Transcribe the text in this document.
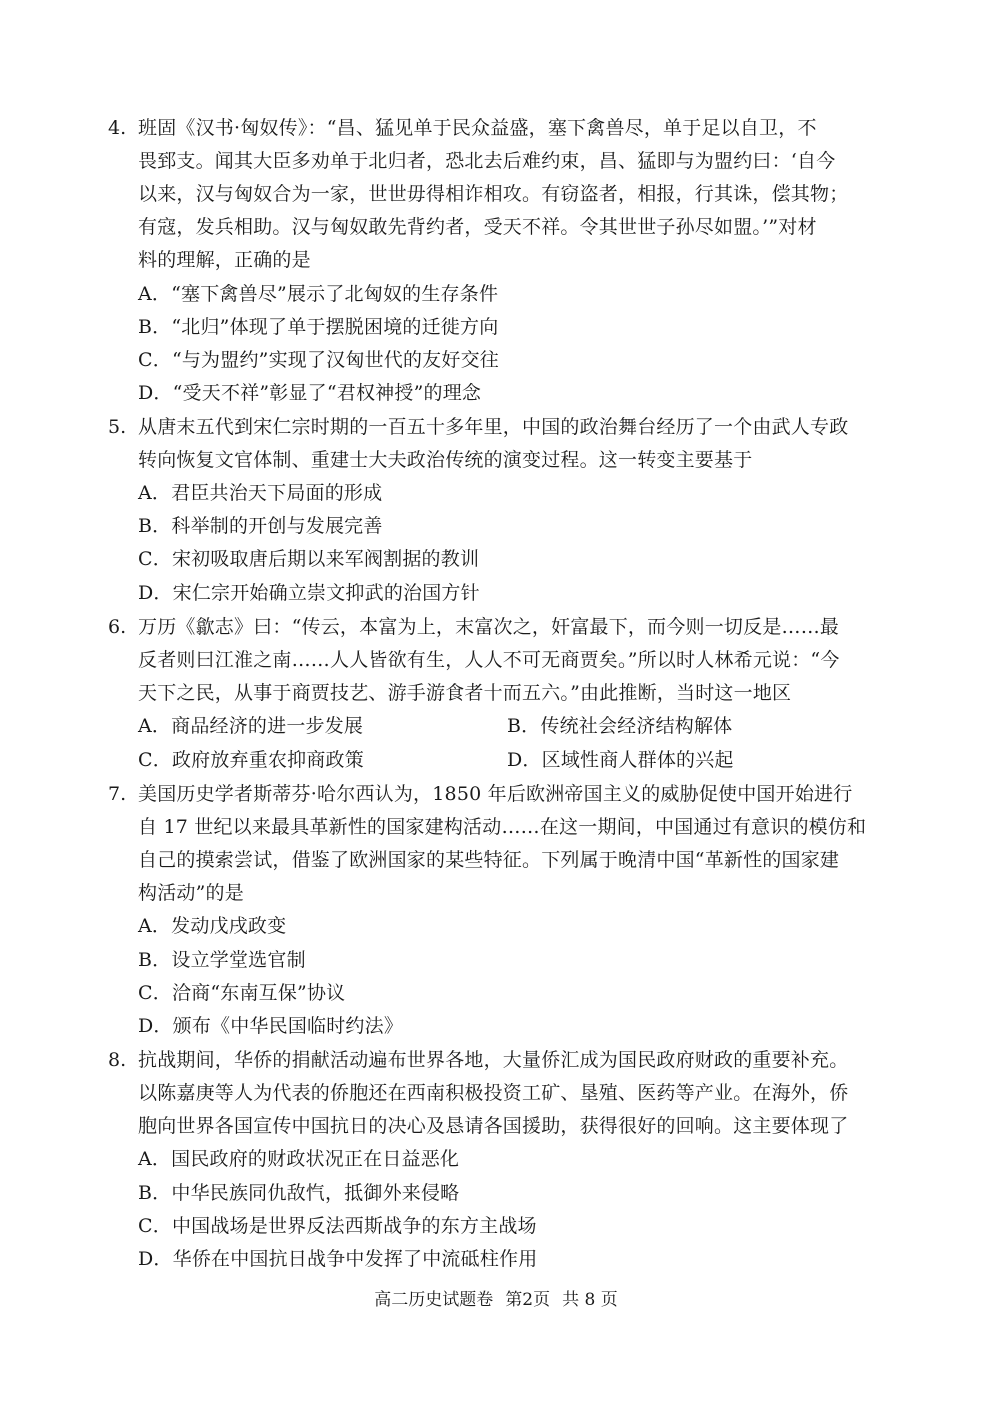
4. 班固《汉书·匈奴传》：“昌、猛见单于民众益盛，塞下禽兽尽，单于足以自卫，不
畏郅支。闻其大臣多劝单于北归者，恐北去后难约束，昌、猛即与为盟约曰：‘自今
以来，汉与匈奴合为一家，世世毋得相诈相攻。有窃盗者，相报，行其诛，偿其物；
有寇，发兵相助。汉与匈奴敢先背约者，受天不祥。令其世世子孙尽如盟。’”对材
料的理解，正确的是
A．“塞下禽兽尽”展示了北匈奴的生存条件
B．“北归”体现了单于摆脱困境的迁徙方向
C．“与为盟约”实现了汉匈世代的友好交往
D．“受天不祥”彰显了“君权神授”的理念
5. 从唐末五代到宋仁宗时期的一百五十多年里，中国的政治舞台经历了一个由武人专政
转向恢复文官体制、重建士大夫政治传统的演变过程。这一转变主要基于
A．君臣共治天下局面的形成
B．科举制的开创与发展完善
C．宋初吸取唐后期以来军阀割据的教训
D．宋仁宗开始确立崇文抑武的治国方针
6. 万历《歙志》曰：“传云，本富为上，末富次之，奸富最下，而今则一切反是……最
反者则曰江淮之南……人人皆欲有生，人人不可无商贾矣。”所以时人林希元说：“今
天下之民，从事于商贾技艺、游手游食者十而五六。”由此推断，当时这一地区
A．商品经济的进一步发展	B．传统社会经济结构解体
C．政府放弃重农抑商政策	D．区域性商人群体的兴起
7. 美国历史学者斯蒂芬·哈尔西认为，1850 年后欧洲帝国主义的威胁促使中国开始进行
自 17 世纪以来最具革新性的国家建构活动……在这一期间，中国通过有意识的模仿和
自己的摸索尝试，借鉴了欧洲国家的某些特征。下列属于晚清中国“革新性的国家建
构活动”的是
A．发动戊戌政变
B．设立学堂选官制
C．洽商“东南互保”协议
D．颁布《中华民国临时约法》
8. 抗战期间，华侨的捐献活动遍布世界各地，大量侨汇成为国民政府财政的重要补充。
以陈嘉庚等人为代表的侨胞还在西南积极投资工矿、垦殖、医药等产业。在海外，侨
胞向世界各国宣传中国抗日的决心及恳请各国援助，获得很好的回响。这主要体现了
A．国民政府的财政状况正在日益恶化
B．中华民族同仇敌忾，抵御外来侵略
C．中国战场是世界反法西斯战争的东方主战场
D．华侨在中国抗日战争中发挥了中流砥柱作用
高二历史试题卷 第2页 共 8 页
